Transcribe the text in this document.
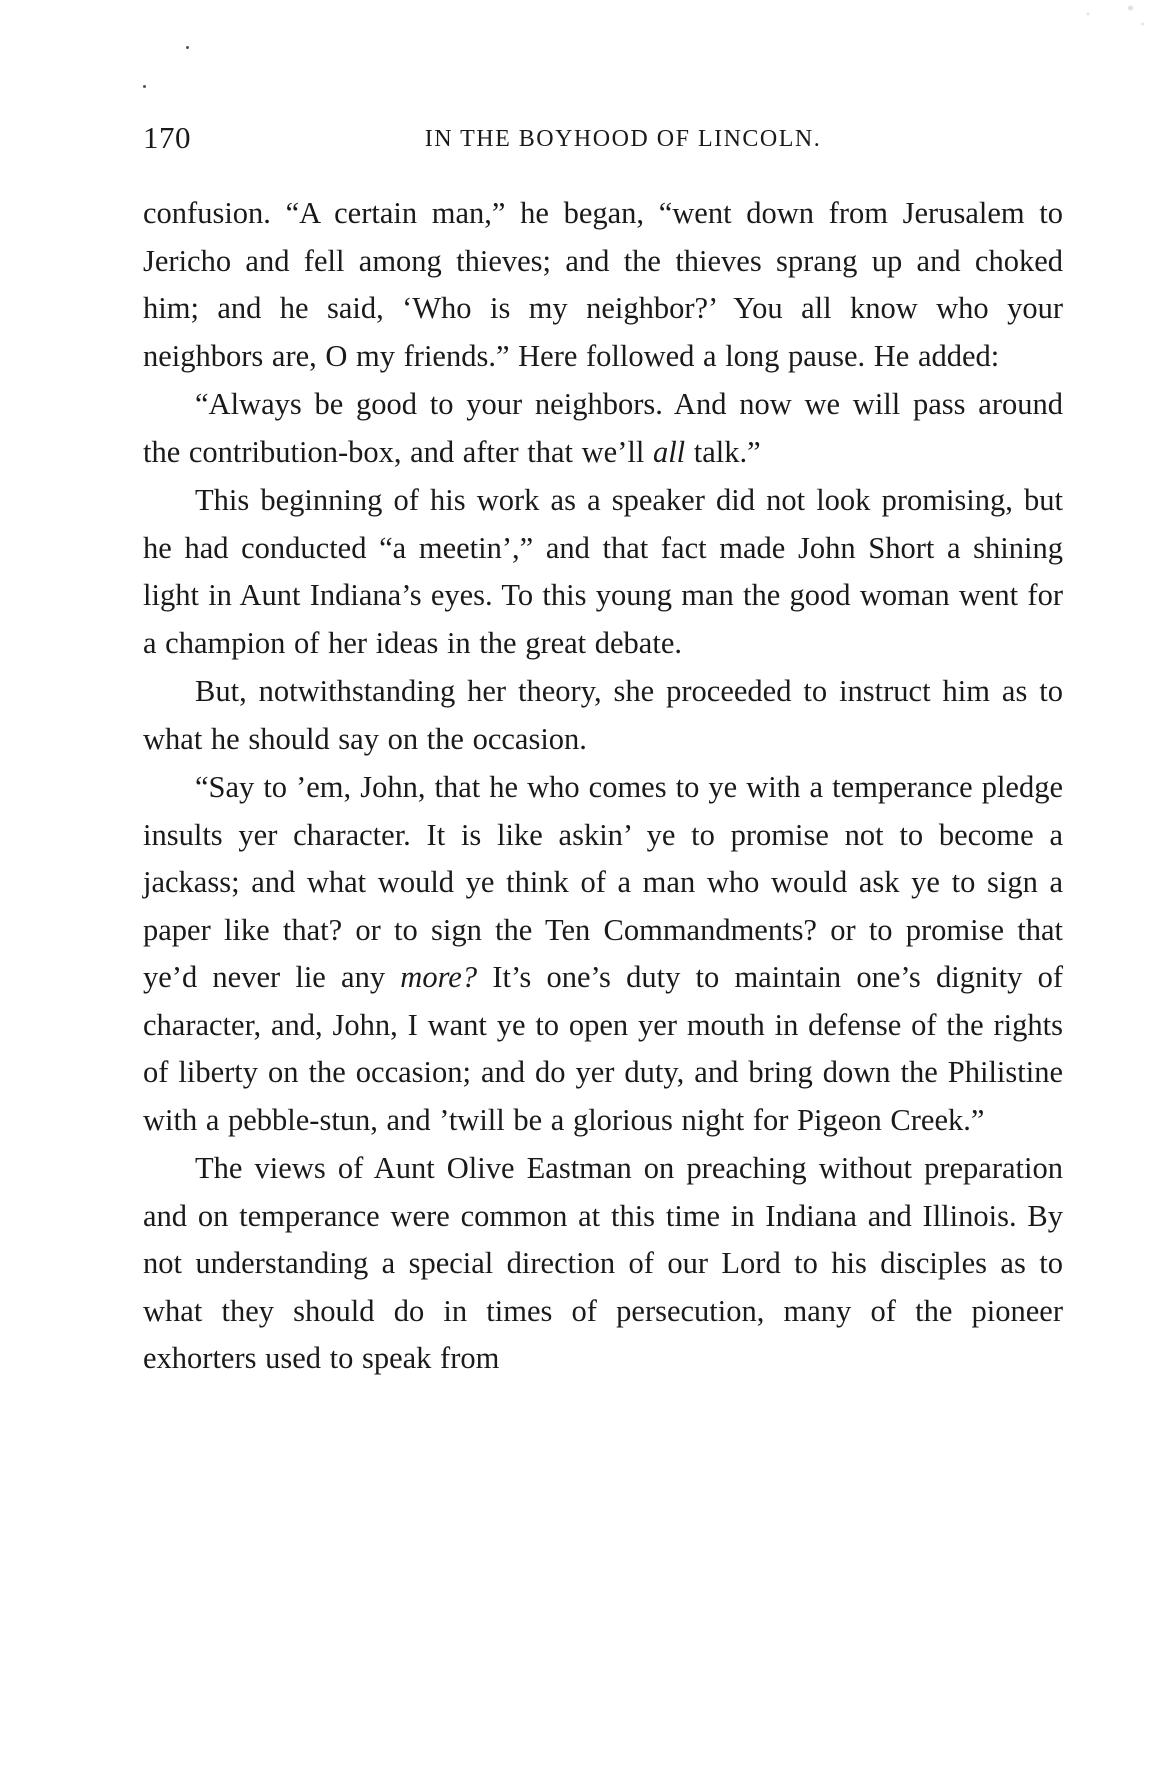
170	IN THE BOYHOOD OF LINCOLN.

confusion. “A certain man,” he began, “went down from Jerusalem to Jericho and fell among thieves; and the thieves sprang up and choked him; and he said, ‘Who is my neighbor?’ You all know who your neighbors are, O my friends.” Here followed a long pause. He added:

“Always be good to your neighbors. And now we will pass around the contribution-box, and after that we’ll all talk.”

This beginning of his work as a speaker did not look promising, but he had conducted “a meetin’,” and that fact made John Short a shining light in Aunt Indiana’s eyes. To this young man the good woman went for a champion of her ideas in the great debate.

But, notwithstanding her theory, she proceeded to instruct him as to what he should say on the occasion.

“Say to ’em, John, that he who comes to ye with a temperance pledge insults yer character. It is like askin’ ye to promise not to become a jackass; and what would ye think of a man who would ask ye to sign a paper like that? or to sign the Ten Commandments? or to promise that ye’d never lie any more? It’s one’s duty to maintain one’s dignity of character, and, John, I want ye to open yer mouth in defense of the rights of liberty on the occasion; and do yer duty, and bring down the Philistine with a pebble-stun, and ’twill be a glorious night for Pigeon Creek.”

The views of Aunt Olive Eastman on preaching without preparation and on temperance were common at this time in Indiana and Illinois. By not understanding a special direction of our Lord to his disciples as to what they should do in times of persecution, many of the pioneer exhorters used to speak from
